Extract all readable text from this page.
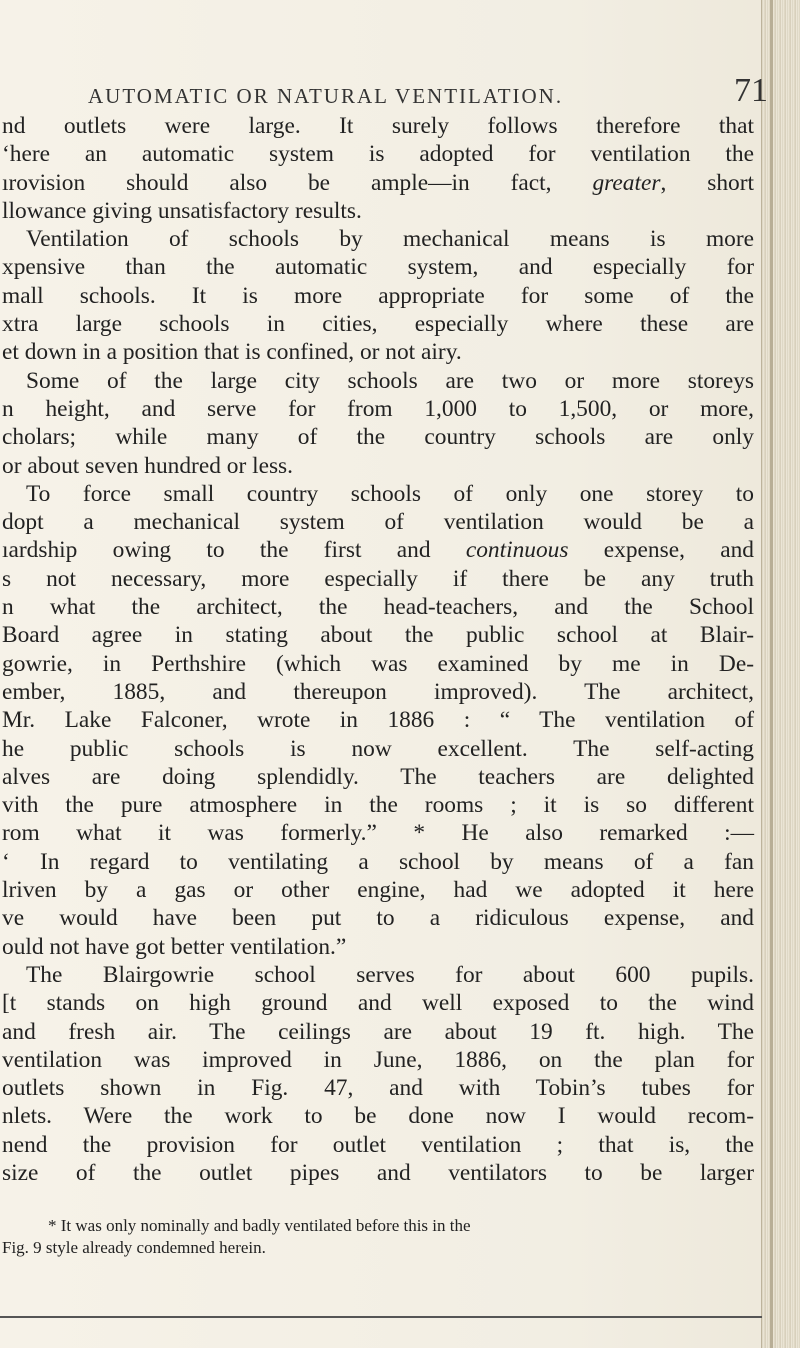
AUTOMATIC OR NATURAL VENTILATION.	71
nd outlets were large. It surely follows therefore that
ʻhere an automatic system is adopted for ventilation the
ırovision should also be ample—in fact, greater, short
llowance giving unsatisfactory results.
Ventilation of schools by mechanical means is more
xpensive than the automatic system, and especially for
mall schools. It is more appropriate for some of the
xtra large schools in cities, especially where these are
et down in a position that is confined, or not airy.
Some of the large city schools are two or more storeys
n height, and serve for from 1,000 to 1,500, or more,
cholars; while many of the country schools are only
or about seven hundred or less.
To force small country schools of only one storey to
dopt a mechanical system of ventilation would be a
ıardship owing to the first and continuous expense, and
s not necessary, more especially if there be any truth
n what the architect, the head-teachers, and the School
Board agree in stating about the public school at Blair-
gowrie, in Perthshire (which was examined by me in De-
ember, 1885, and thereupon improved). The architect,
Mr. Lake Falconer, wrote in 1886 : “ The ventilation of
he public schools is now excellent. The self-acting
alves are doing splendidly. The teachers are delighted
vith the pure atmosphere in the rooms ; it is so different
rom what it was formerly.” * He also remarked :—
‘ In regard to ventilating a school by means of a fan
lriven by a gas or other engine, had we adopted it here
ve would have been put to a ridiculous expense, and
ould not have got better ventilation.”
The Blairgowrie school serves for about 600 pupils.
[t stands on high ground and well exposed to the wind
and fresh air. The ceilings are about 19 ft. high. The
ventilation was improved in June, 1886, on the plan for
outlets shown in Fig. 47, and with Tobin’s tubes for
nlets. Were the work to be done now I would recom-
nend the provision for outlet ventilation ; that is, the
size of the outlet pipes and ventilators to be larger
* It was only nominally and badly ventilated before this in the
Fig. 9 style already condemned herein.
